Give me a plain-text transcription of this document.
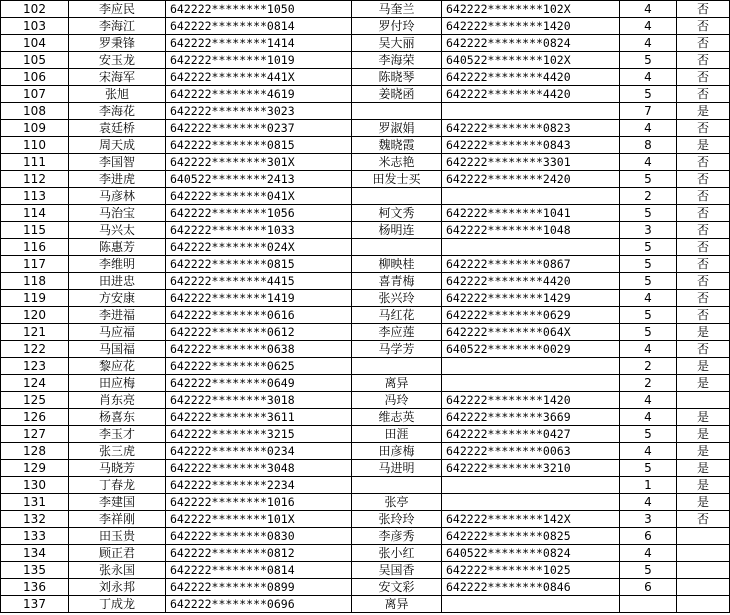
102	李应民	642222********1050	马奎兰	642222********102X	4	否
103	李海江	642222********0814	罗付玲	642222********1420	4	否
104	罗秉锋	642222********1414	吴大丽	642222********0824	4	否
105	安玉龙	642222********1019	李海荣	640522********102X	5	否
106	宋海军	642222********441X	陈晓琴	642222********4420	4	否
107	张旭	642222********4619	姜晓函	642222********4420	5	否
108	李海花	642222********3023			7	是
109	袁廷桥	642222********0237	罗淑娟	642222********0823	4	否
110	周天成	642222********0815	魏晓霞	642222********0843	8	是
111	李国智	642222********301X	米志艳	642222********3301	4	否
112	李进虎	640522********2413	田发士买	642222********2420	5	否
113	马彦林	642222********041X			2	否
114	马治宝	642222********1056	柯文秀	642222********1041	5	否
115	马兴太	642222********1033	杨明连	642222********1048	3	否
116	陈惠芳	642222********024X			5	否
117	李维明	642222********0815	柳映桂	642222********0867	5	否
118	田进忠	642222********4415	喜青梅	642222********4420	5	否
119	方安康	642222********1419	张兴玲	642222********1429	4	否
120	李进福	642222********0616	马红花	642222********0629	5	否
121	马应福	642222********0612	李应莲	642222********064X	5	是
122	马国福	642222********0638	马学芳	640522********0029	4	否
123	黎应花	642222********0625			2	是
124	田应梅	642222********0649	离异		2	是
125	肖东亮	642222********3018	冯玲	642222********1420	4	
126	杨喜东	642222********3611	维志英	642222********3669	4	是
127	李玉才	642222********3215	田涯	642222********0427	5	是
128	张三虎	642222********0234	田彦梅	642222********0063	4	是
129	马晓芳	642222********3048	马进明	642222********3210	5	是
130	丁春龙	642222********2234			1	是
131	李建国	642222********1016	张亭		4	是
132	李祥刚	642222********101X	张玲玲	642222********142X	3	否
133	田玉贵	642222********0830	李彦秀	642222********0825	6	
134	顾正君	642222********0812	张小红	640522********0824	4	
135	张永国	642222********0814	吴国香	642222********1025	5	
136	刘永邦	642222********0899	安文彩	642222********0846	6	
137	丁成龙	642222********0696	离异			
